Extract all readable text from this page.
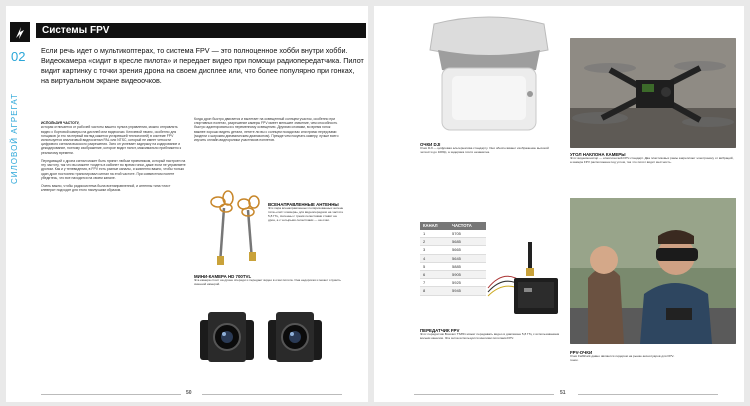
Системы FPV
02
СИЛОВОЙ АГРЕГАТ
Если речь идет о мультикоптерах, то система FPV — это полноценное хобби внутри хобби. Видеокамера «сидит в кресле пилота» и передает видео при помощи радиопередатчика. Пилот видит картинку с точки зрения дрона на своем дисплее или, что более популярно при гонках, на виртуальном экране видеоочков.

ИСПОЛЬЗУЯ ЧАСТОТУ,
которая отличается от рабочей частоты вашего пульта управления, можно отправлять видео с бортовой камеры на дисплей или видеоочки. Ключевой нюанс, особенно для гонщиков (и это на первый взгляд кажется устаревшей технологией) в системе FPV используется аналоговый видеосигнал PAL или NTSC, который не имеет четкости цифрового сигнала высокого разрешения. Зато он успевает задержку на кодирование и декодирование, поэтому изображение, которое видит пилот, максимально приближено к реальному времени.

Передающий с дрона сигнал может быть принят любым приемником, который настроен на эту частоту, так что вы можете «сидеть в кабине» во время гонки, даже если не управляете дроном. Как и у телевидения, в FPV есть разные каналы, и жизненно важно, чтобы только один дрон постоянно транслировал сигнал на этой частоте. При совместном полете убедитесь, что все находятся на своем канале.

Очень важно, чтобы радиосистема была всенаправленной, и антенны типа «лист клевера» подходят для этого наилучшим образом.

Когда дрон быстро двигается и вылетает на освещенный солнцем участок, особенно при спортивных полетах, разрешение камеры FPV имеет меньшее значение, чем способность быстро адаптироваться к переменному освещению. Другими словами, во время гонок важнее хорошо видеть детали, летите ли вы с солнцем позади вас или прямо перед вами (модели с широким динамическим диапазоном). Прежде чем покупать камеру, лучше всего изучить онлайн-видеоролики участников поплетов.
ВСЕНАПРАВЛЕННЫЕ АНТЕННЫ
Эти пара всенаправленных поляризованных антенн типа «лист клевера» для видеопередачи на частоте 5,8 ГГц. Антенны с тремя лепестками ставят на дрон, а с четырьмя лепестками — на очки.
МИНИ-КАМЕРА HD 700TVL
Эта камера стоит на дроне спереди и передает видео в очки пилота. Она недорогая и может служить сменной камерой.
50
ОЧКИ DJI
Очки DJI — цифровая альтернатива стандарту. Они обеспечивают изображение высокой четкости до 1080p, а задержка почти незаметна.
УГОЛ НАКЛОНА КАМЕРЫ
Этот видеомонитор — классический FPV-стандарт. Два пластиковых рамы закрепляют электронику от вибраций, а камера FPV расположена под углом, так что пилот видит местность.
КАНАЛ	ЧАСТОТА
1	5705
2	5685
3	5665
4	5645
5	5885
6	5905
7	5925
8	5945
ПЕРЕДАТЧИК FPV
Этот передатчик Boscam TS351 может передавать видео в диапазоне 5,8 ГГц с использованием восьми каналов. Эта сетка используется многими пилотами FPV.
FPV-ОЧКИ
Очки FatShark давно являются лидером на рынке аксессуаров для FPV-гонок.
51
